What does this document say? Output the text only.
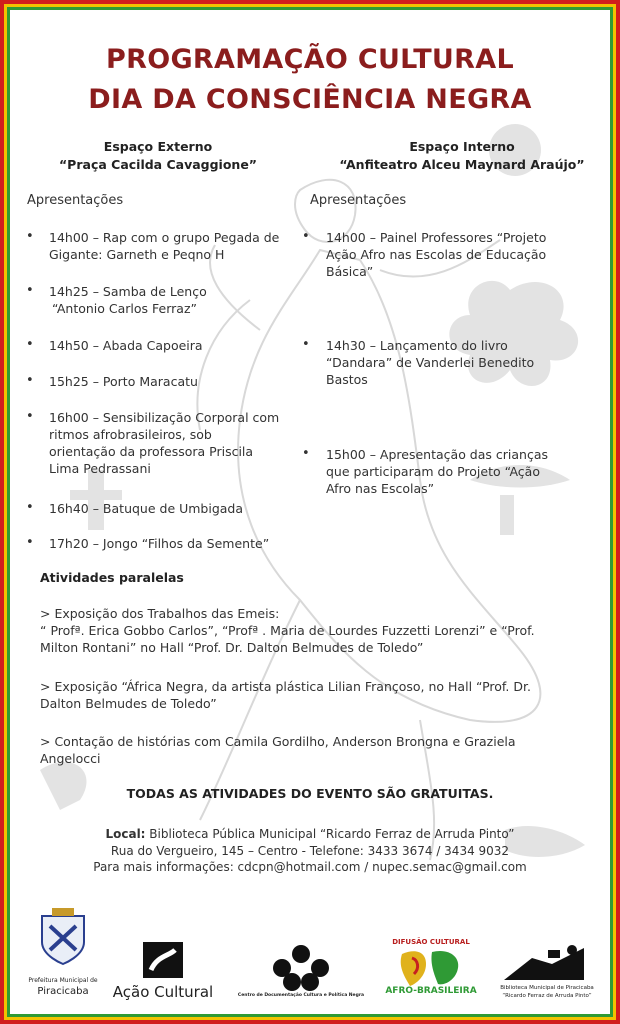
PROGRAMAÇÃO CULTURAL
DIA DA CONSCIÊNCIA NEGRA
Espaço Externo
“Praça Cacilda Cavaggione”
Espaço Interno
“Anfiteatro Alceu Maynard Araújo”
Apresentações	Apresentações
• 14h00 – Rap com o grupo Pegada de
Gigante: Garneth e Peqno H
• 14h25 – Samba de Lenço
“Antonio Carlos Ferraz”
• 14h50 – Abada Capoeira
• 15h25 – Porto Maracatu
• 16h00 – Sensibilização Corporal com
ritmos afrobrasileiros, sob
orientação da professora Priscila
Lima Pedrassani
• 16h40 – Batuque de Umbigada
• 17h20 – Jongo “Filhos da Semente”
• 14h00 – Painel Professores “Projeto
Ação Afro nas Escolas de Educação
Básica”
• 14h30 – Lançamento do livro
“Dandara” de Vanderlei Benedito
Bastos
• 15h00 – Apresentação das crianças
que participaram do Projeto “Ação
Afro nas Escolas”
Atividades paralelas
> Exposição dos Trabalhos das Emeis:
“ Profª. Erica Gobbo Carlos”, “Profª . Maria de Lourdes Fuzzetti Lorenzi” e “Prof.
Milton Rontani” no Hall “Prof. Dr. Dalton Belmudes de Toledo”
> Exposição “África Negra, da artista plástica Lilian Françoso, no Hall “Prof. Dr.
Dalton Belmudes de Toledo”
> Contação de histórias com Camila Gordilho, Anderson Brongna e Graziela
Angelocci
TODAS AS ATIVIDADES DO EVENTO SÃO GRATUITAS.
Local: Biblioteca Pública Municipal “Ricardo Ferraz de Arruda Pinto”
Rua do Vergueiro, 145 – Centro - Telefone: 3433 3674 / 3434 9032
Para mais informações: cdcpn@hotmail.com / nupec.semac@gmail.com
Prefeitura Municipal de
Piracicaba	Ação Cultural	Centro de Documentação Cultura e Política Negra
DIFUSÃO CULTURAL
AFRO-BRASILEIRA	Biblioteca Municipal de Piracicaba
“Ricardo Ferraz de Arruda Pinto”
